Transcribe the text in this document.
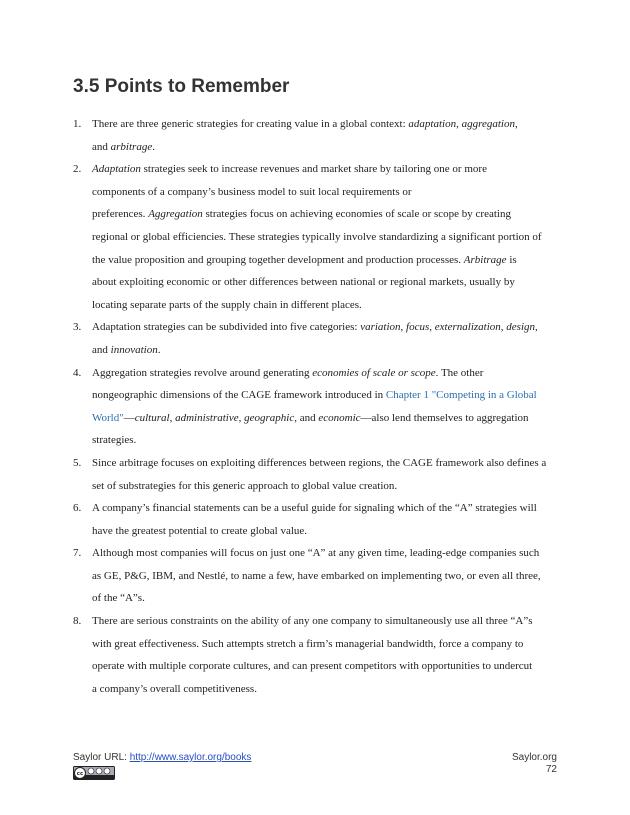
3.5 Points to Remember
1. There are three generic strategies for creating value in a global context: adaptation, aggregation,
and arbitrage.
2. Adaptation strategies seek to increase revenues and market share by tailoring one or more
components of a company’s business model to suit local requirements or
preferences. Aggregation strategies focus on achieving economies of scale or scope by creating
regional or global efficiencies. These strategies typically involve standardizing a significant portion of
the value proposition and grouping together development and production processes. Arbitrage is
about exploiting economic or other differences between national or regional markets, usually by
locating separate parts of the supply chain in different places.
3. Adaptation strategies can be subdivided into five categories: variation, focus, externalization, design,
and innovation.
4. Aggregation strategies revolve around generating economies of scale or scope. The other
nongeographic dimensions of the CAGE framework introduced in Chapter 1 "Competing in a Global
World"—cultural, administrative, geographic, and economic—also lend themselves to aggregation
strategies.
5. Since arbitrage focuses on exploiting differences between regions, the CAGE framework also defines a
set of substrategies for this generic approach to global value creation.
6. A company’s financial statements can be a useful guide for signaling which of the “A” strategies will
have the greatest potential to create global value.
7. Although most companies will focus on just one “A” at any given time, leading-edge companies such
as GE, P&G, IBM, and Nestlé, to name a few, have embarked on implementing two, or even all three,
of the “A”s.
8. There are serious constraints on the ability of any one company to simultaneously use all three “A”s
with great effectiveness. Such attempts stretch a firm’s managerial bandwidth, force a company to
operate with multiple corporate cultures, and can present competitors with opportunities to undercut
a company’s overall competitiveness.
Saylor URL: http://www.saylor.org/books	Saylor.org
72
cc
